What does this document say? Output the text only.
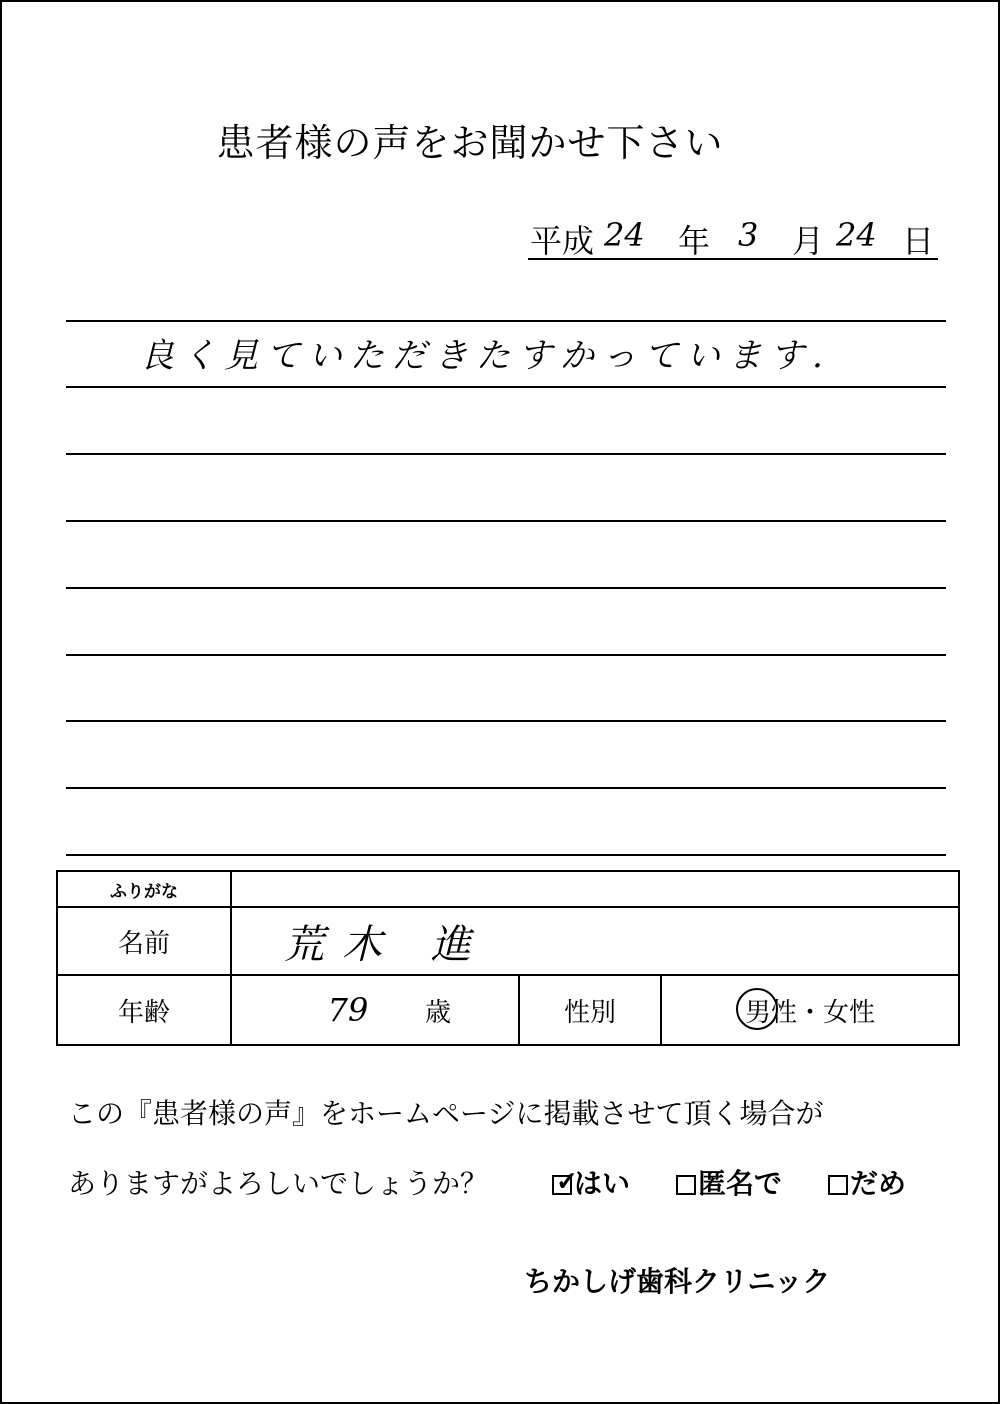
患者様の声をお聞かせ下さい
平成 24 年 3 月 24 日
良く見ていただきたすかっています.
ふりがな
名前	荒木 進
年齢	79	歳	性別	男性 ・ 女性
この『患者様の声』をホームページに掲載させて頂く場合が
ありますがよろしいでしょうか？	✓
はい	匿名で	だめ
ちかしげ歯科クリニック
